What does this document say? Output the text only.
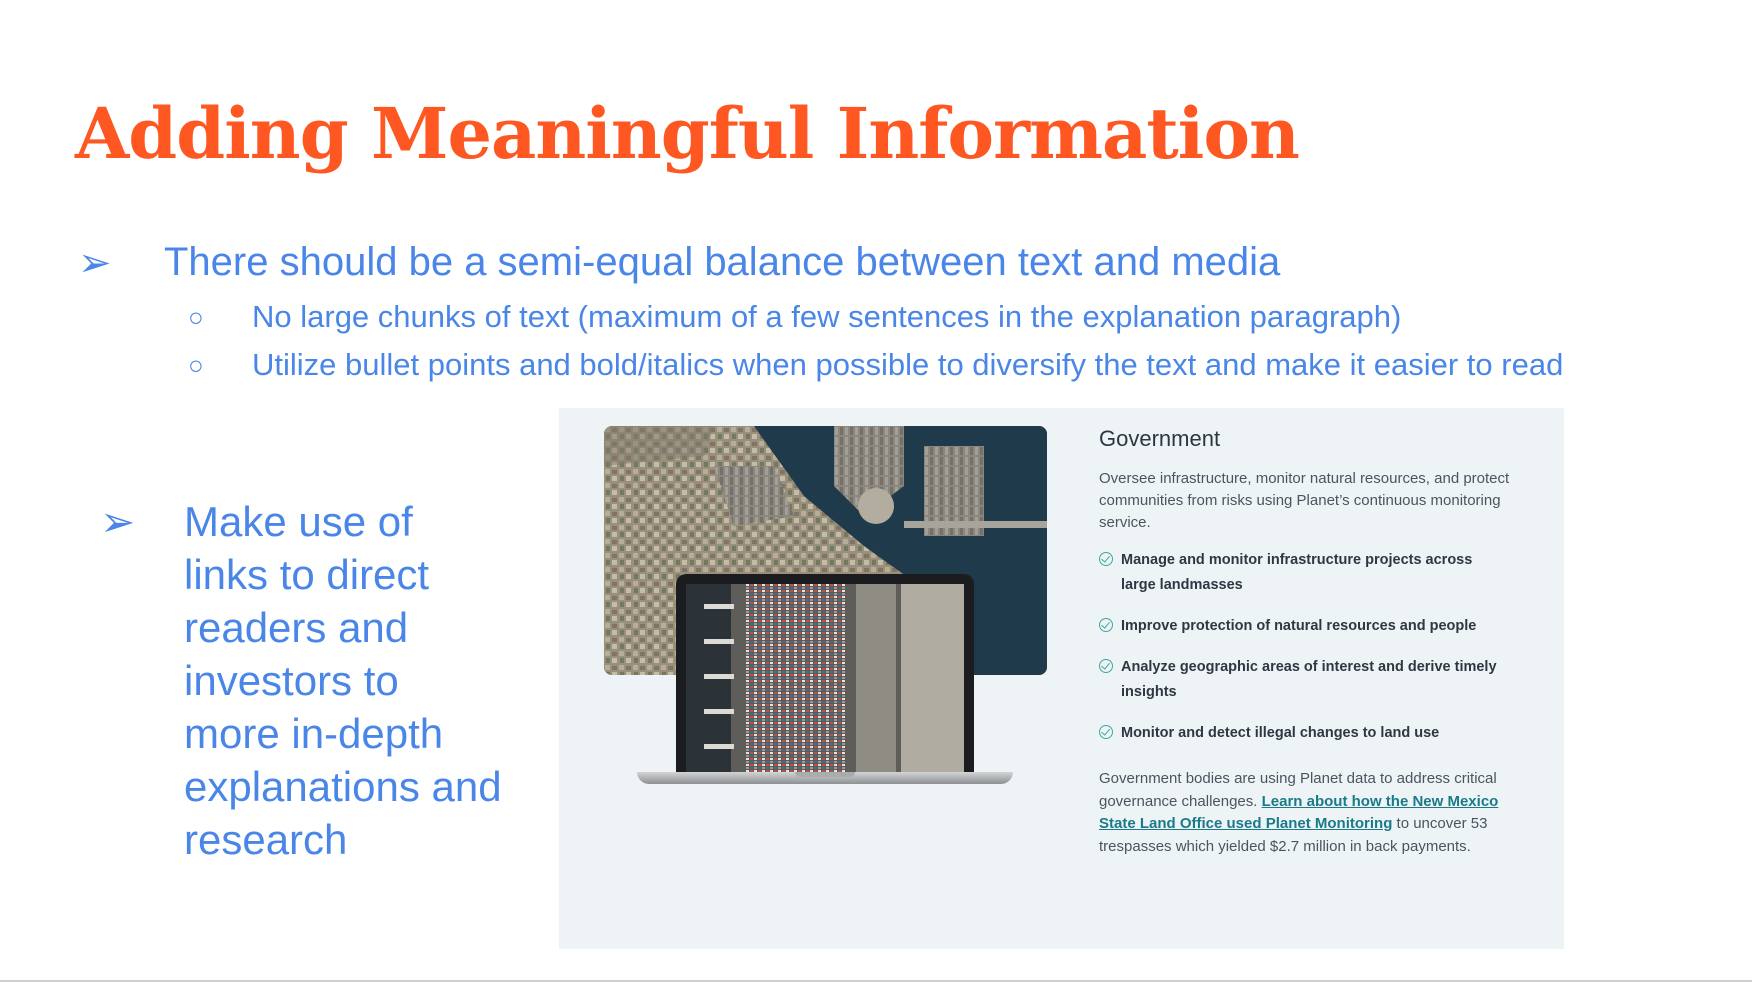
Adding Meaningful Information
➢ There should be a semi-equal balance between text and media
○ No large chunks of text (maximum of a few sentences in the explanation paragraph)
○ Utilize bullet points and bold/italics when possible to diversify the text and make it easier to read
➢ Make use of links to direct readers and investors to more in-depth explanations and research
Government

Oversee infrastructure, monitor natural resources, and protect communities from risks using Planet’s continuous monitoring service.

Manage and monitor infrastructure projects across large landmasses
Improve protection of natural resources and people
Analyze geographic areas of interest and derive timely insights
Monitor and detect illegal changes to land use
Government bodies are using Planet data to address critical governance challenges. Learn about how the New Mexico State Land Office used Planet Monitoring to uncover 53 trespasses which yielded $2.7 million in back payments.
